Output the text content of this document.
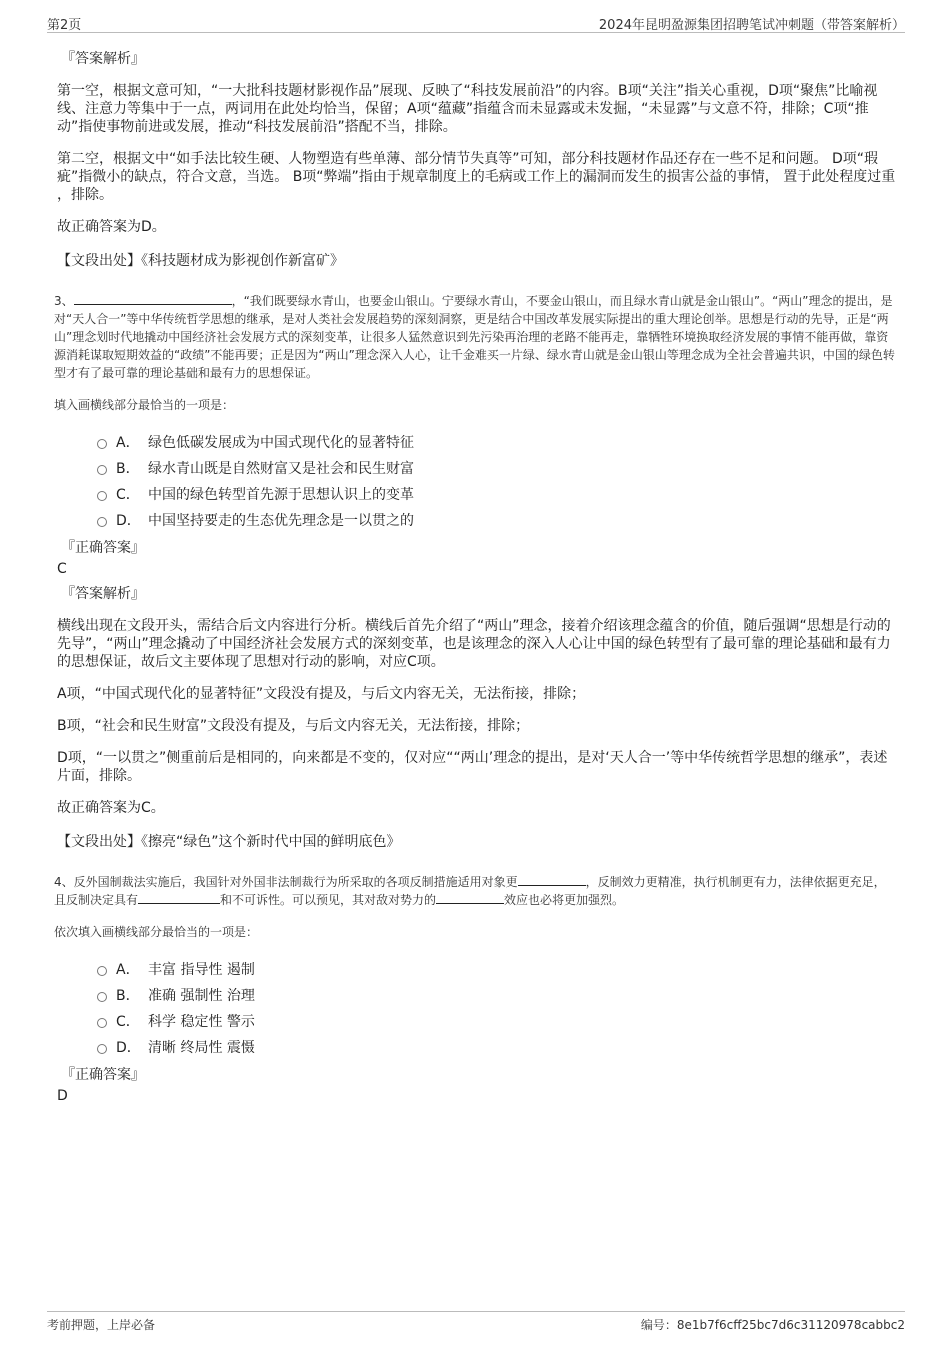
第2页	2024年昆明盈源集团招聘笔试冲刺题（带答案解析）
『答案解析』

第一空，根据文意可知，“一大批科技题材影视作品”展现、反映了“科技发展前沿”的内容。B项“关注”指关心重视，D项“聚焦”比喻视线、注意力等集中于一点，两词用在此处均恰当，保留；A项“蕴藏”指蕴含而未显露或未发掘，“未显露”与文意不符，排除；C项“推动”指使事物前进或发展，推动“科技发展前沿”搭配不当，排除。

第二空，根据文中“如手法比较生硬、人物塑造有些单薄、部分情节失真等”可知，部分科技题材作品还存在一些不足和问题。 D项“瑕疵”指微小的缺点，符合文意，当选。 B项“弊端”指由于规章制度上的毛病或工作上的漏洞而发生的损害公益的事情， 置于此处程度过重 ，排除。

故正确答案为D。

【文段出处】《科技题材成为影视创作新富矿》

3、	，“我们既要绿水青山，也要金山银山。宁要绿水青山，不要金山银山，而且绿水青山就是金山银山”。“两山”理念的提出，是对“天人合一”等中华传统哲学思想的继承，是对人类社会发展趋势的深刻洞察，更是结合中国改革发展实际提出的重大理论创举。思想是行动的先导，正是“两山”理念划时代地撬动中国经济社会发展方式的深刻变革，让很多人猛然意识到先污染再治理的老路不能再走，靠牺牲环境换取经济发展的事情不能再做，靠资源消耗谋取短期效益的“政绩”不能再要；正是因为“两山”理念深入人心，让千金难买一片绿、绿水青山就是金山银山等理念成为全社会普遍共识，中国的绿色转型才有了最可靠的理论基础和最有力的思想保证。

填入画横线部分最恰当的一项是：

A． 绿色低碳发展成为中国式现代化的显著特征
B． 绿水青山既是自然财富又是社会和民生财富
C． 中国的绿色转型首先源于思想认识上的变革
D． 中国坚持要走的生态优先理念是一以贯之的
『正确答案』
C
『答案解析』

横线出现在文段开头，需结合后文内容进行分析。横线后首先介绍了“两山”理念，接着介绍该理念蕴含的价值，随后强调“思想是行动的先导”，“两山”理念撬动了中国经济社会发展方式的深刻变革，也是该理念的深入人心让中国的绿色转型有了最可靠的理论基础和最有力的思想保证，故后文主要体现了思想对行动的影响，对应C项。

A项，“中国式现代化的显著特征”文段没有提及，与后文内容无关，无法衔接，排除；

B项，“社会和民生财富”文段没有提及，与后文内容无关，无法衔接，排除；

D项，“一以贯之”侧重前后是相同的，向来都是不变的，仅对应““两山’理念的提出，是对‘天人合一’等中华传统哲学思想的继承”，表述片面，排除。

故正确答案为C。

【文段出处】《擦亮“绿色”这个新时代中国的鲜明底色》

4、反外国制裁法实施后，我国针对外国非法制裁行为所采取的各项反制措施适用对象更	，反制效力更精准，执行机制更有力，法律依据更充足，且反制决定具有	和不可诉性。可以预见，其对敌对势力的	效应也必将更加强烈。

依次填入画横线部分最恰当的一项是：

A． 丰富 指导性 遏制
B． 准确 强制性 治理
C． 科学 稳定性 警示
D． 清晰 终局性 震慑
『正确答案』
D
考前押题，上岸必备	编号：8e1b7f6cff25bc7d6c31120978cabbc2
